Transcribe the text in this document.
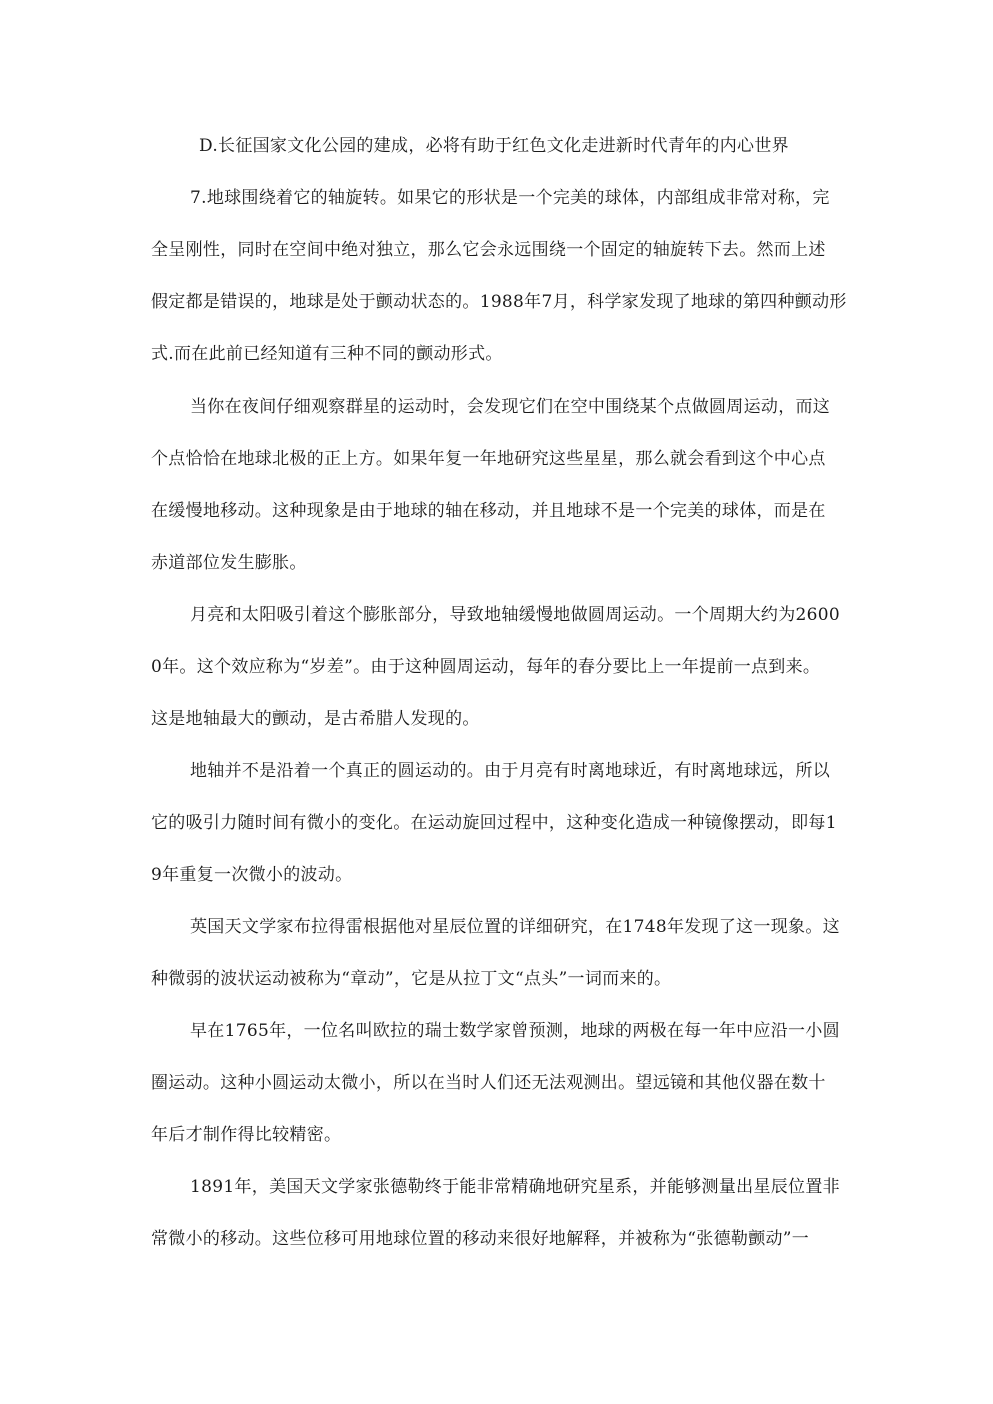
D.长征国家文化公园的建成，必将有助于红色文化走进新时代青年的内心世界
7.地球围绕着它的轴旋转。如果它的形状是一个完美的球体，内部组成非常对称，完
全呈刚性，同时在空间中绝对独立，那么它会永远围绕一个固定的轴旋转下去。然而上述
假定都是错误的，地球是处于颤动状态的。1988年7月，科学家发现了地球的第四种颤动形
式.而在此前已经知道有三种不同的颤动形式。
当你在夜间仔细观察群星的运动时，会发现它们在空中围绕某个点做圆周运动，而这
个点恰恰在地球北极的正上方。如果年复一年地研究这些星星，那么就会看到这个中心点
在缓慢地移动。这种现象是由于地球的轴在移动，并且地球不是一个完美的球体，而是在
赤道部位发生膨胀。
月亮和太阳吸引着这个膨胀部分，导致地轴缓慢地做圆周运动。一个周期大约为2600
0年。这个效应称为“岁差”。由于这种圆周运动，每年的春分要比上一年提前一点到来。
这是地轴最大的颤动，是古希腊人发现的。
地轴并不是沿着一个真正的圆运动的。由于月亮有时离地球近，有时离地球远，所以
它的吸引力随时间有微小的变化。在运动旋回过程中，这种变化造成一种镜像摆动，即每1
9年重复一次微小的波动。
英国天文学家布拉得雷根据他对星辰位置的详细研究，在1748年发现了这一现象。这
种微弱的波状运动被称为“章动”，它是从拉丁文“点头”一词而来的。
早在1765年，一位名叫欧拉的瑞士数学家曾预测，地球的两极在每一年中应沿一小圆
圈运动。这种小圆运动太微小，所以在当时人们还无法观测出。望远镜和其他仪器在数十
年后才制作得比较精密。
1891年，美国天文学家张德勒终于能非常精确地研究星系，并能够测量出星辰位置非
常微小的移动。这些位移可用地球位置的移动来很好地解释，并被称为“张德勒颤动”一
